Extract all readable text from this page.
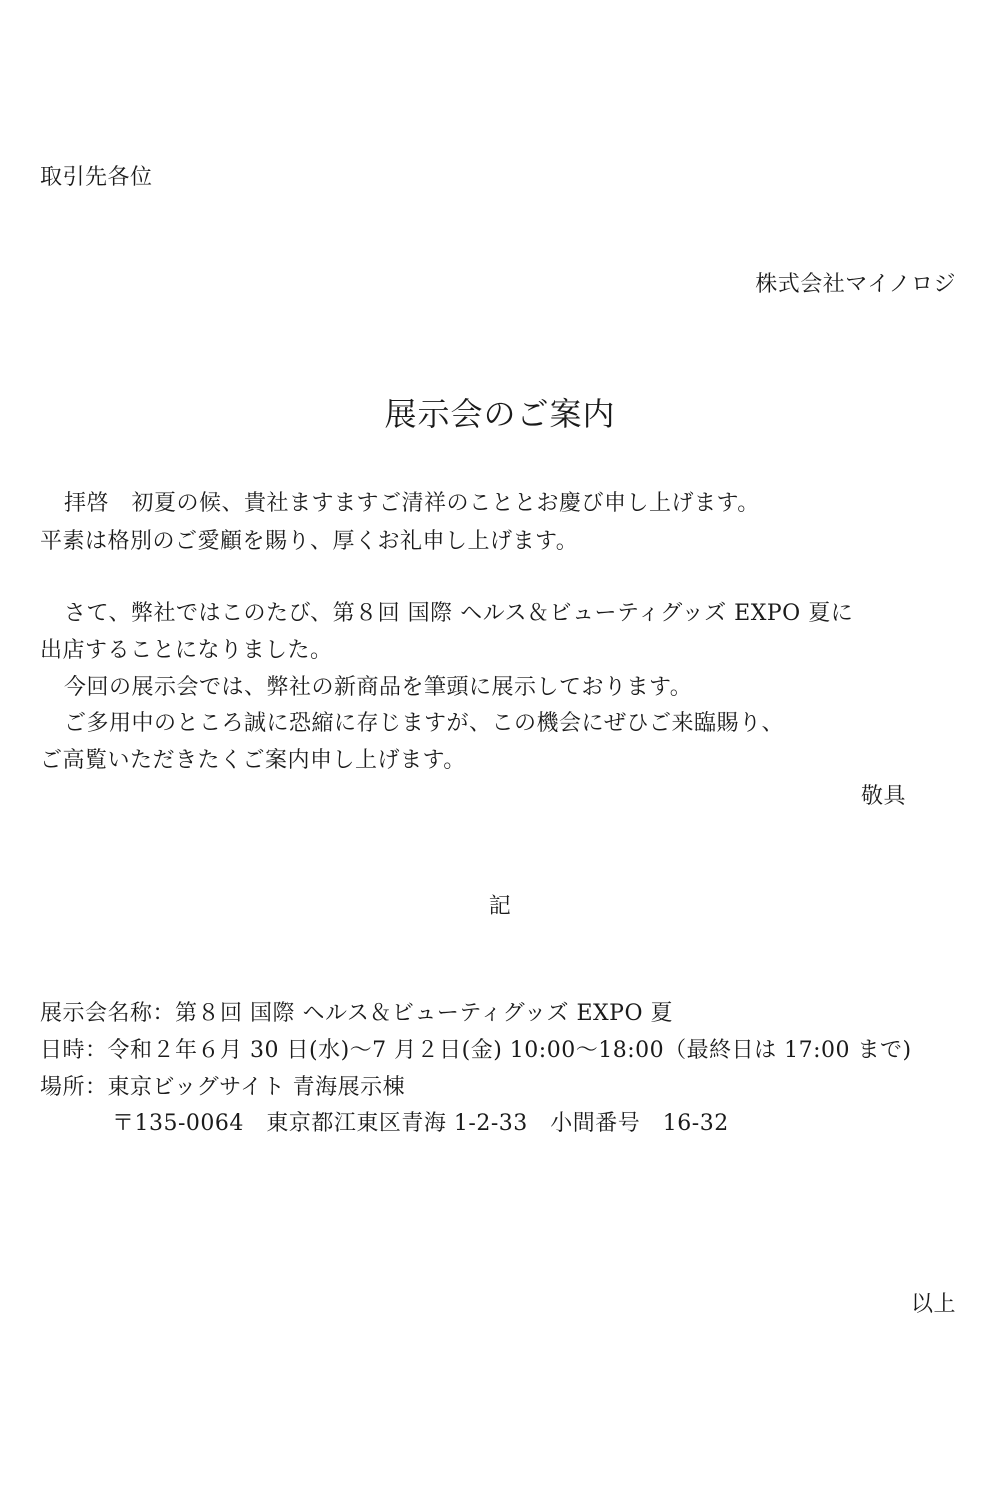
取引先各位
株式会社マイノロジ
展示会のご案内
拝啓　初夏の候、貴社ますますご清祥のこととお慶び申し上げます。
平素は格別のご愛顧を賜り、厚くお礼申し上げます。
さて、弊社ではこのたび、第８回 国際 ヘルス＆ビューティグッズ EXPO 夏に
出店することになりました。
今回の展示会では、弊社の新商品を筆頭に展示しております。
ご多用中のところ誠に恐縮に存じますが、この機会にぜひご来臨賜り、
ご高覧いただきたくご案内申し上げます。
敬具
記
展示会名称：第８回 国際 ヘルス＆ビューティグッズ EXPO 夏
日時：令和２年６月 30 日(水)～7 月２日(金) 10:00～18:00（最終日は 17:00 まで)
場所：東京ビッグサイト 青海展示棟
〒135-0064　東京都江東区青海 1-2-33　小間番号　16-32
以上
